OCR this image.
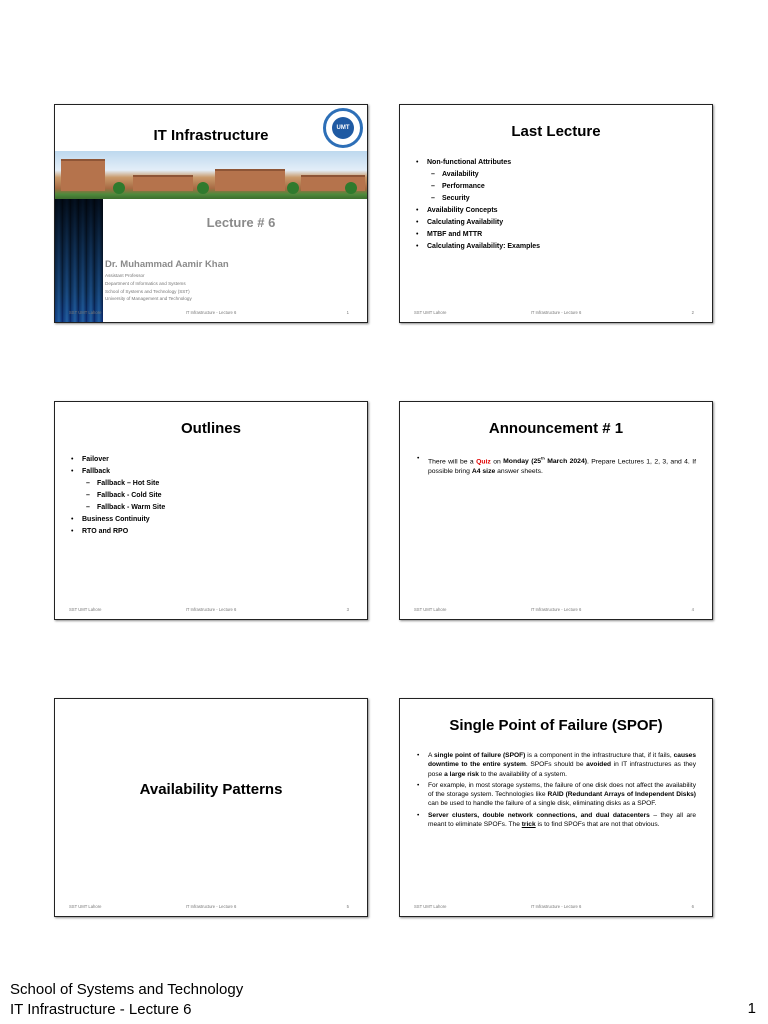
IT Infrastructure	UMT
Lecture # 6
Dr. Muhammad Aamir Khan
Assistant Professor
Department of Informatics and Systems
School of Systems and Technology (SST)
University of Management and Technology
SST UMT Lahore	IT Infrastructure - Lecture 6	1
Last Lecture
• Non-functional Attributes
– Availability
– Performance
– Security
• Availability Concepts
• Calculating Availability
• MTBF and MTTR
• Calculating Availability: Examples
SST UMT Lahore	IT Infrastructure - Lecture 6	2
Outlines
• Failover
• Fallback
– Fallback – Hot Site
– Fallback - Cold Site
– Fallback - Warm Site
• Business Continuity
• RTO and RPO
SST UMT Lahore	IT Infrastructure - Lecture 6	3
Announcement # 1

• There will be a Quiz on Monday (25th March 2024). Prepare Lectures 1, 2, 3, and 4. If possible bring A4 size answer sheets.

SST UMT Lahore	IT Infrastructure - Lecture 6	4
Availability Patterns
SST UMT Lahore	IT Infrastructure - Lecture 6	5
Single Point of Failure (SPOF)

• A single point of failure (SPOF) is a component in the infrastructure that, if it fails, causes downtime to the entire system. SPOFs should be avoided in IT infrastructures as they pose a large risk to the availability of a system.

• For example, in most storage systems, the failure of one disk does not affect the availability of the storage system. Technologies like RAID (Redundant Arrays of Independent Disks) can be used to handle the failure of a single disk, eliminating disks as a SPOF.

• Server clusters, double network connections, and dual datacenters – they all are meant to eliminate SPOFs. The trick is to find SPOFs that are not that obvious.

SST UMT Lahore	IT Infrastructure - Lecture 6	6
School of Systems and Technology
IT Infrastructure - Lecture 6	1
